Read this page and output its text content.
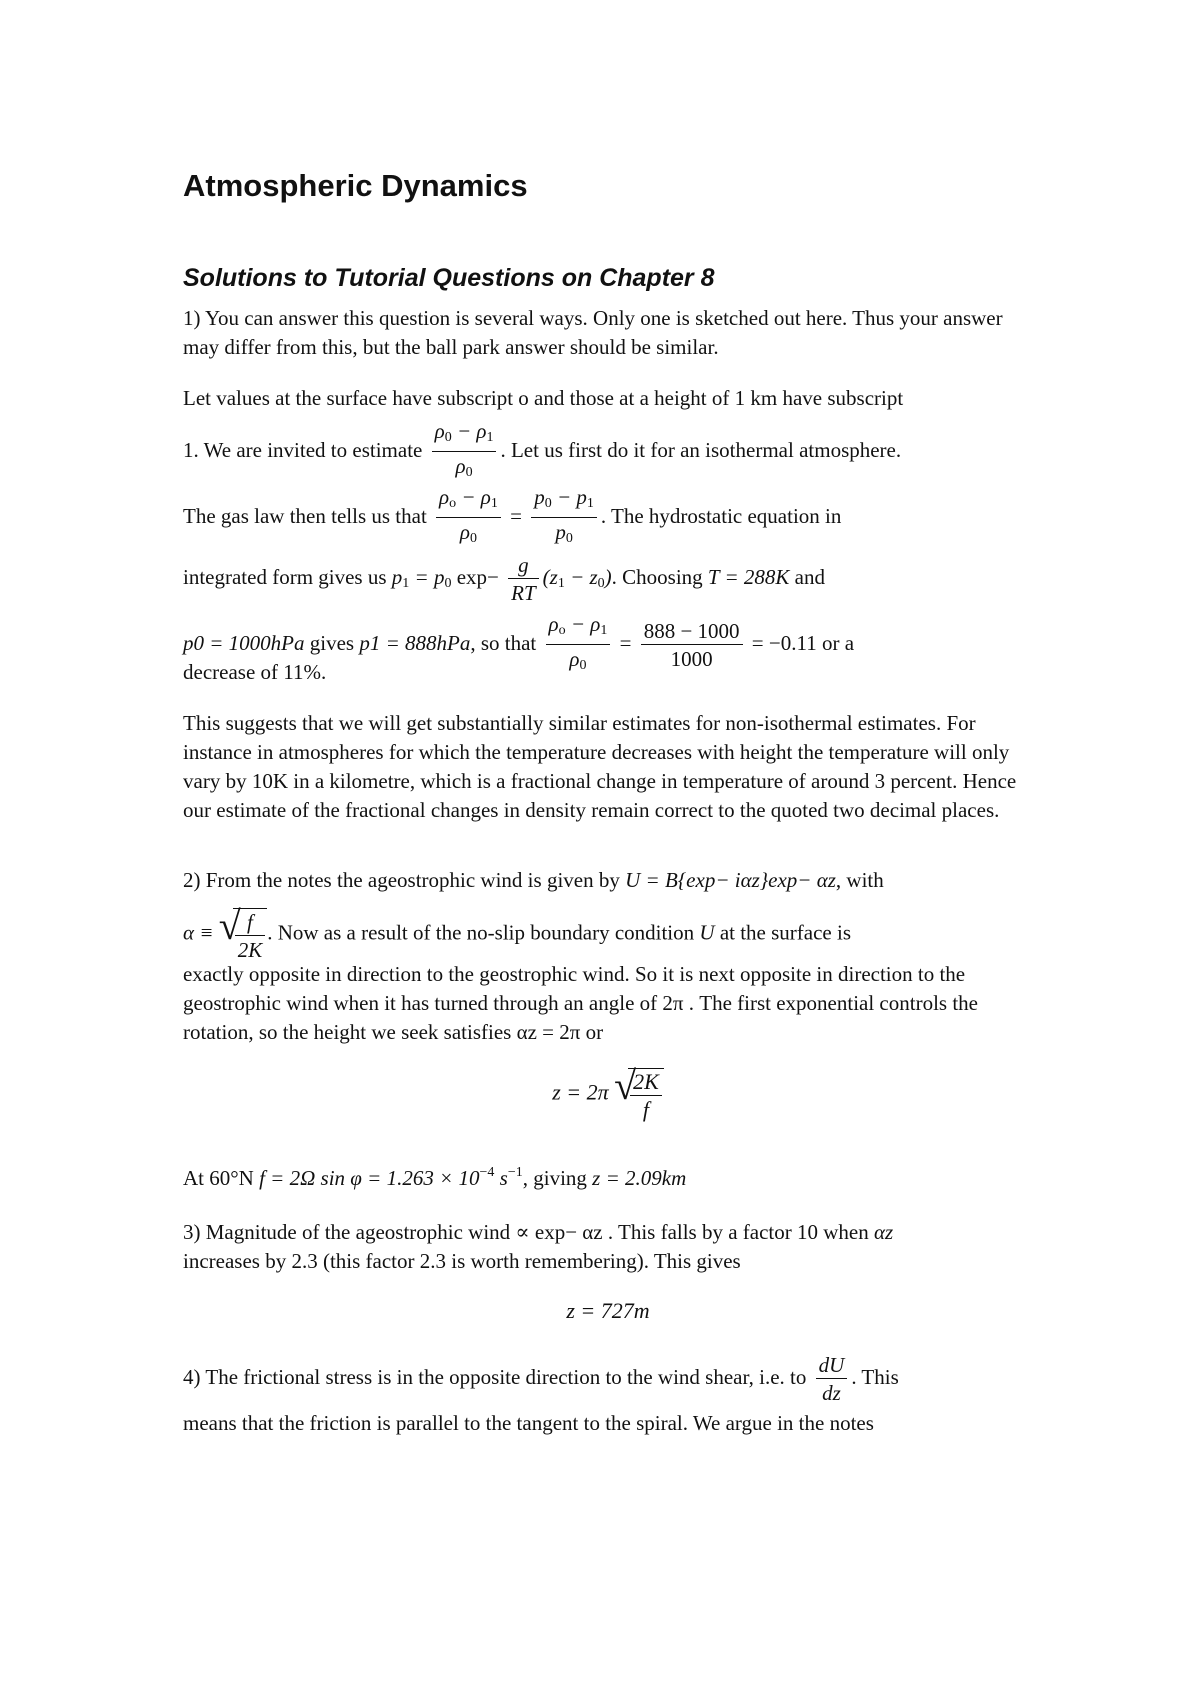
Atmospheric Dynamics
Solutions to Tutorial Questions on Chapter 8
1) You can answer this question is several ways. Only one is sketched out here. Thus your answer may differ from this, but the ball park answer should be similar.
Let values at the surface have subscript o and those at a height of 1 km have subscript
1. We are invited to estimate $\frac{\rho_0 - \rho_1}{\rho_0}$ . Let us first do it for an isothermal atmosphere.
The gas law then tells us that $\frac{\rho_o - \rho_1}{\rho_0} = \frac{p_0 - p_1}{p_0}$ . The hydrostatic equation in
integrated form gives us $p_1 = p_0$ $\exp- \frac{g}{RT} (z_1 - z_0)$. Choosing T = 288K and
p0 = 1000hPa gives p1 = 888hPa, so that $\frac{\rho_o - \rho_1}{\rho_0} = \frac{888 - 1000}{1000} = -0.11$ or a
decrease of 11%.
This suggests that we will get substantially similar estimates for non-isothermal estimates. For instance in atmospheres for which the temperature decreases with height the temperature will only vary by 10K in a kilometre, which is a fractional change in temperature of around 3 percent. Hence our estimate of the fractional changes in density remain correct to the quoted two decimal places.
2) From the notes the ageostrophic wind is given by U = B{exp− iαz}exp− αz, with
α ≡ √
$\frac{f}{2K}$ . Now as a result of the no-slip boundary condition U at the surface is
exactly opposite in direction to the geostrophic wind. So it is next opposite in direction to the geostrophic wind when it has turned through an angle of 2π . The first exponential controls the rotation, so the height we seek satisfies αz = 2π or
z = 2π √
$\frac{2K}{f}$
At 60°N f = 2Ω $\sin \varphi = 1.263 \times 10^{-4}$ $s^{-1}$, giving z = 2.09km
3) Magnitude of the ageostrophic wind ∝ exp− αz . This falls by a factor 10 when αz
increases by 2.3 (this factor 2.3 is worth remembering). This gives
z = 727m
4) The frictional stress is in the opposite direction to the wind shear, i.e. to $\frac{dU}{dz}$ . This
means that the friction is parallel to the tangent to the spiral. We argue in the notes
